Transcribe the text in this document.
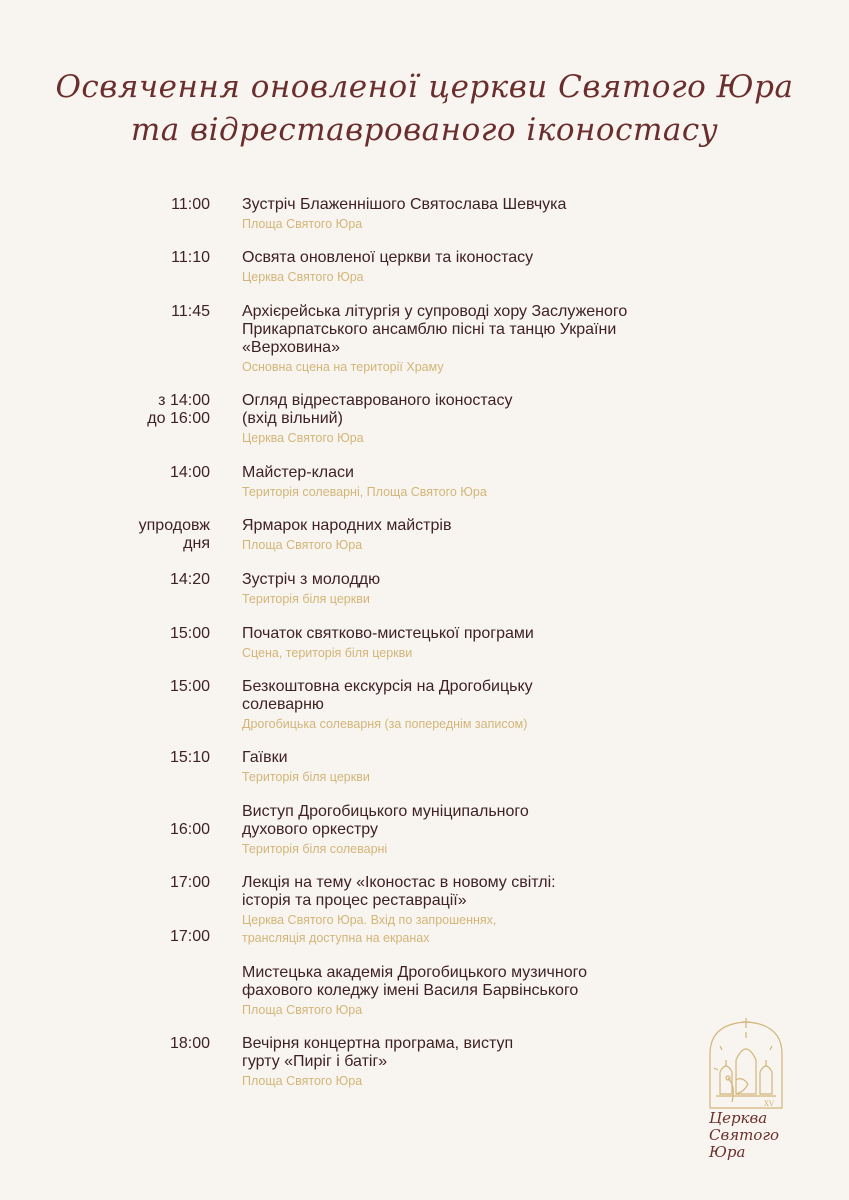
Освячення оновленої церкви Святого Юра
та відреставрованого іконостасу
11:00 Зустріч Блаженнішого Святослава Шевчука
Площа Святого Юра
11:10 Освята оновленої церкви та іконостасу
Церква Святого Юра
11:45 Архієрейська літургія у супроводі хору Заслуженого
Прикарпатського ансамблю пісні та танцю України
«Верховина»
Основна сцена на території Храму
з 14:00
до 16:00
Огляд відреставрованого іконостасу
(вхід вільний)
Церква Святого Юра
14:00 Майстер-класи
Територія солеварні, Площа Святого Юра
упродовж
дня
Ярмарок народних майстрів
Площа Святого Юра
14:20 Зустріч з молоддю
Територія біля церкви
15:00 Початок святково-мистецької програми
Сцена, територія біля церкви
15:00 Безкоштовна екскурсія на Дрогобицьку
солеварню
Дрогобицька солеварня (за попереднім записом)
15:10 Гаївки
Територія біля церкви
16:00
Виступ Дрогобицького муніципального
духового оркестру
Територія біля солеварні
17:00 Лекція на тему «Іконостас в новому світлі:
історія та процес реставрації»
Церква Святого Юра. Вхід по запрошеннях,
трансляція доступна на екранах
17:00
Мистецька академія Дрогобицького музичного
фахового коледжу імені Василя Барвінського
Площа Святого Юра
18:00 Вечірня концертна програма, виступ
гурту «Пиріг і батіг»
Площа Святого Юра
XV
Церква
Святого
Юра
